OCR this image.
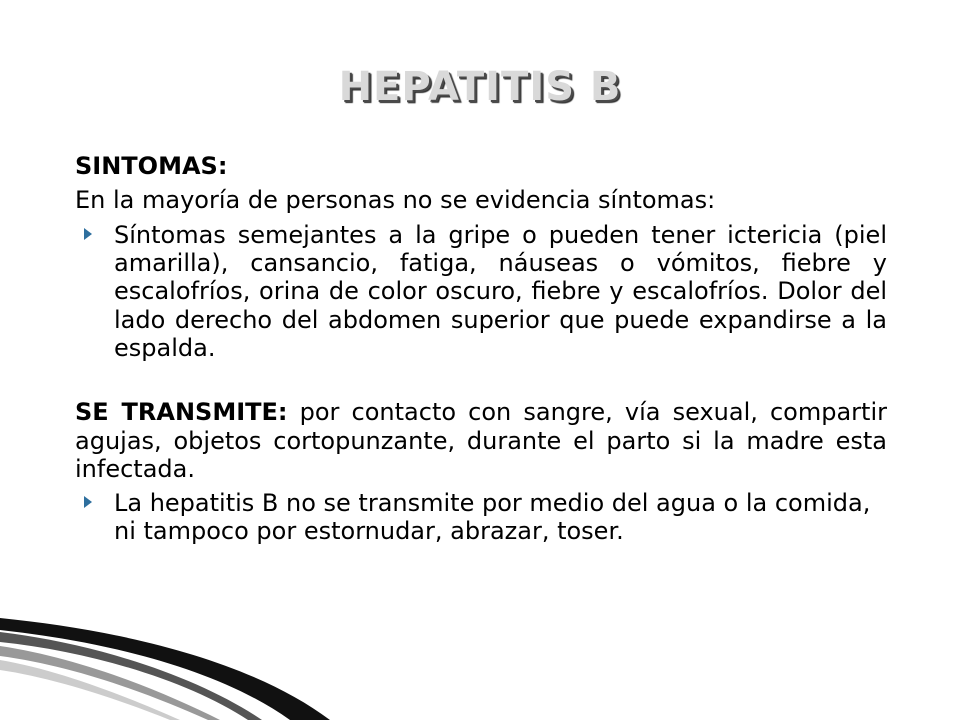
HEPATITIS B

SINTOMAS:

En la mayoría de personas no se evidencia síntomas:

Síntomas semejantes a la gripe o pueden tener ictericia (piel amarilla), cansancio, fatiga, náuseas o vómitos, fiebre y escalofríos, orina de color oscuro, fiebre y escalofríos. Dolor del lado derecho del abdomen superior que puede expandirse a la espalda.

SE TRANSMITE: por contacto con sangre, vía sexual, compartir agujas, objetos cortopunzante, durante el parto si la madre esta infectada.

La hepatitis B no se transmite por medio del agua o la comida, ni tampoco por estornudar, abrazar, toser.
